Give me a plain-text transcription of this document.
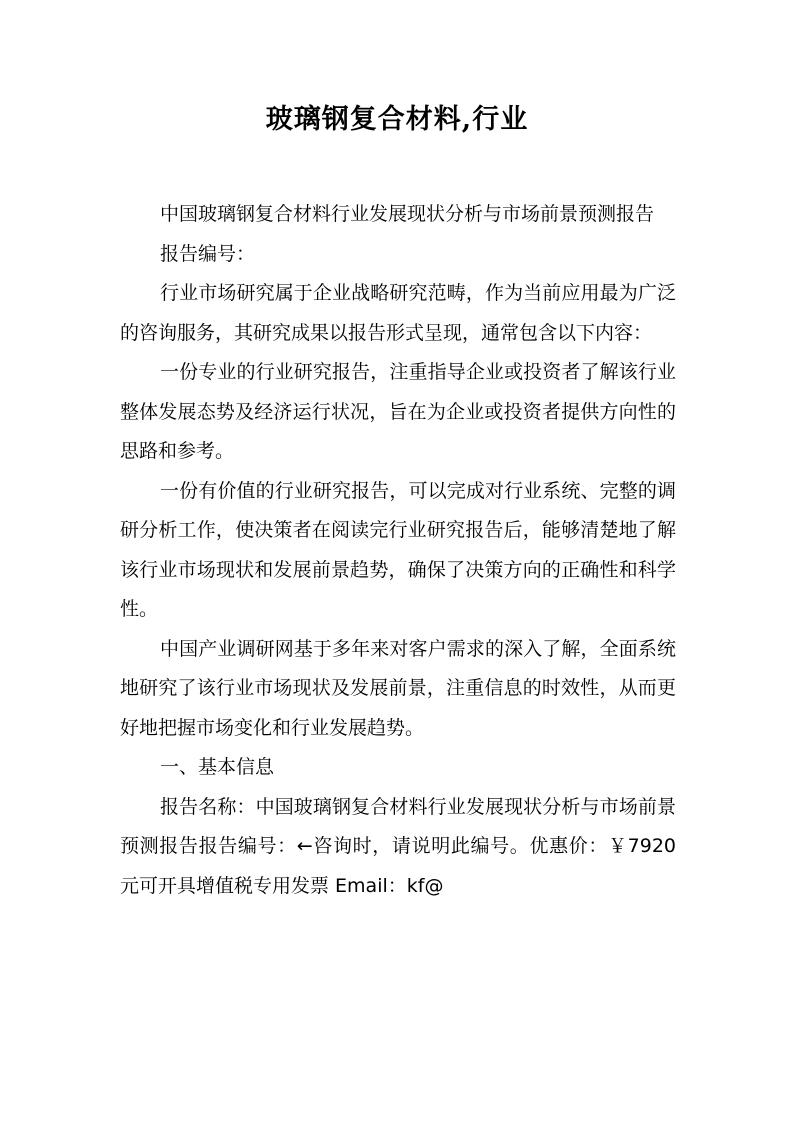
玻璃钢复合材料,行业

中国玻璃钢复合材料行业发展现状分析与市场前景预测报告

报告编号：

行业市场研究属于企业战略研究范畴，作为当前应用最为广泛的咨询服务，其研究成果以报告形式呈现，通常包含以下内容：

一份专业的行业研究报告，注重指导企业或投资者了解该行业整体发展态势及经济运行状况，旨在为企业或投资者提供方向性的思路和参考。

一份有价值的行业研究报告，可以完成对行业系统、完整的调研分析工作，使决策者在阅读完行业研究报告后，能够清楚地了解该行业市场现状和发展前景趋势，确保了决策方向的正确性和科学性。

中国产业调研网基于多年来对客户需求的深入了解，全面系统地研究了该行业市场现状及发展前景，注重信息的时效性，从而更好地把握市场变化和行业发展趋势。

一、基本信息

报告名称：中国玻璃钢复合材料行业发展现状分析与市场前景预测报告报告编号：←咨询时，请说明此编号。优惠价：￥7920元可开具增值税专用发票 Email：kf@
